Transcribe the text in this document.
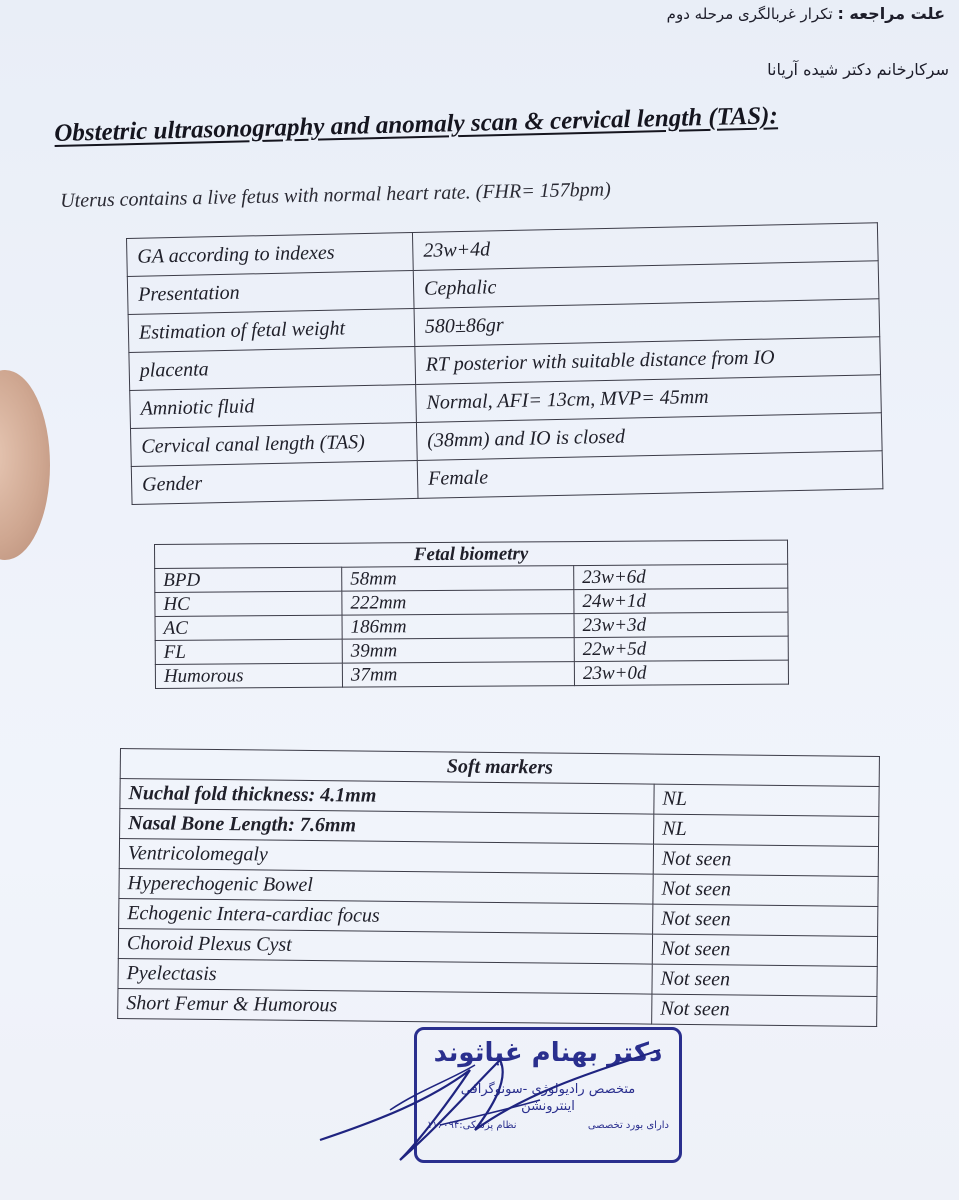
علت مراجعه : تکرار غربالگری مرحله دوم
سرکارخانم دکتر شیده آریانا
Obstetric ultrasonography and anomaly scan & cervical length (TAS):
Uterus contains a live fetus with normal heart rate. (FHR= 157bpm)
GA according to indexes	23w+4d
Presentation	Cephalic
Estimation of fetal weight	580±86gr
placenta	RT posterior with suitable distance from IO
Amniotic fluid	Normal, AFI= 13cm, MVP= 45mm
Cervical canal length (TAS)	(38mm) and IO is closed
Gender	Female
Fetal biometry		
BPD	58mm	23w+6d
HC	222mm	24w+1d
AC	186mm	23w+3d
FL	39mm	22w+5d
Humorous	37mm	23w+0d
Soft markers	
Nuchal fold thickness: 4.1mm	NL
Nasal Bone Length: 7.6mm	NL
Ventricolomegaly	Not seen
Hyperechogenic Bowel	Not seen
Echogenic Intera-cardiac focus	Not seen
Choroid Plexus Cyst	Not seen
Pyelectasis	Not seen
Short Femur & Humorous	Not seen
دکتر بهنام غیاثوند
متخصص رادیولوژی -سونوگرافی
اینترونشن
دارای بورد تخصصی
نظام پزشکی:۱۱۶۰۹۴
